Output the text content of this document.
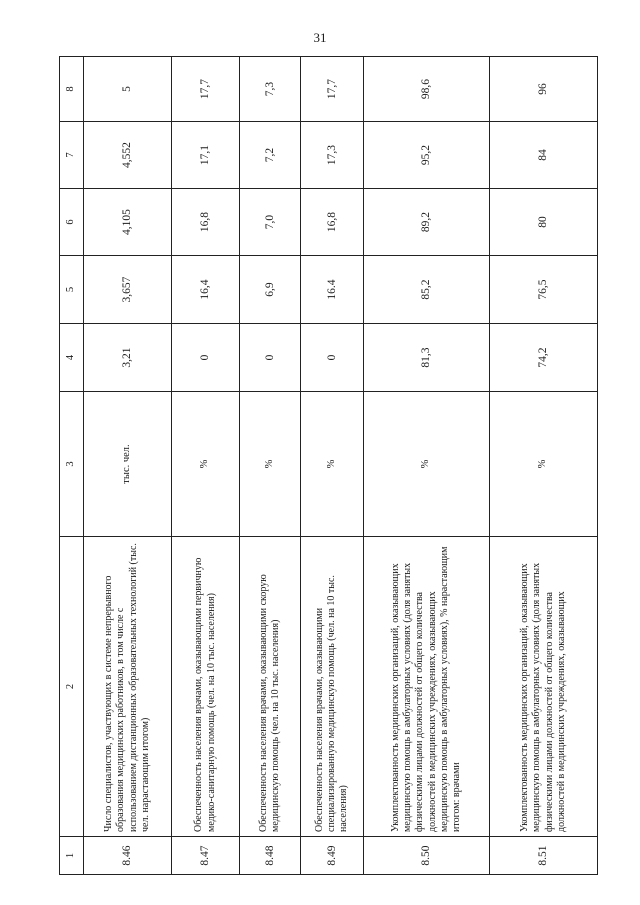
31
1	2	3	4	5	6	7	8
8.46	Число специалистов, участвующих в системе непрерывного образования медицинских работников, в том числе с использованием дистанционных образовательных технологий (тыс. чел. нарастающим итогом)	тыс. чел.	3,21	3,657	4,105	4,552	5
8.47	Обеспеченность населения врачами, оказывающими первичную медико-санитарную помощь (чел. на 10 тыс. населения)	%	0	16,4	16,8	17,1	17,7
8.48	Обеспеченность населения врачами, оказывающими скорую медицинскую помощь (чел. на 10 тыс. населения)	%	0	6,9	7,0	7,2	7,3
8.49	Обеспеченность населения врачами, оказывающими специализированную медицинскую помощь (чел. на 10 тыс. населения)	%	0	16.4	16,8	17,3	17,7
8.50	Укомплектованность медицинских организаций, оказывающих медицинскую помощь в амбулаторных условиях (доля занятых физическими лицами должностей от общего количества должностей в медицинских учреждениях, оказывающих медицинскую помощь в амбулаторных условиях), % нарастающим итогом: врачами	%	81,3	85,2	89,2	95,2	98,6
8.51	Укомплектованность медицинских организаций, оказывающих медицинскую помощь в амбулаторных условиях (доля занятых физическими лицами должностей от общего количества должностей в медицинских учреждениях, оказывающих	%	74,2	76,5	80	84	96
